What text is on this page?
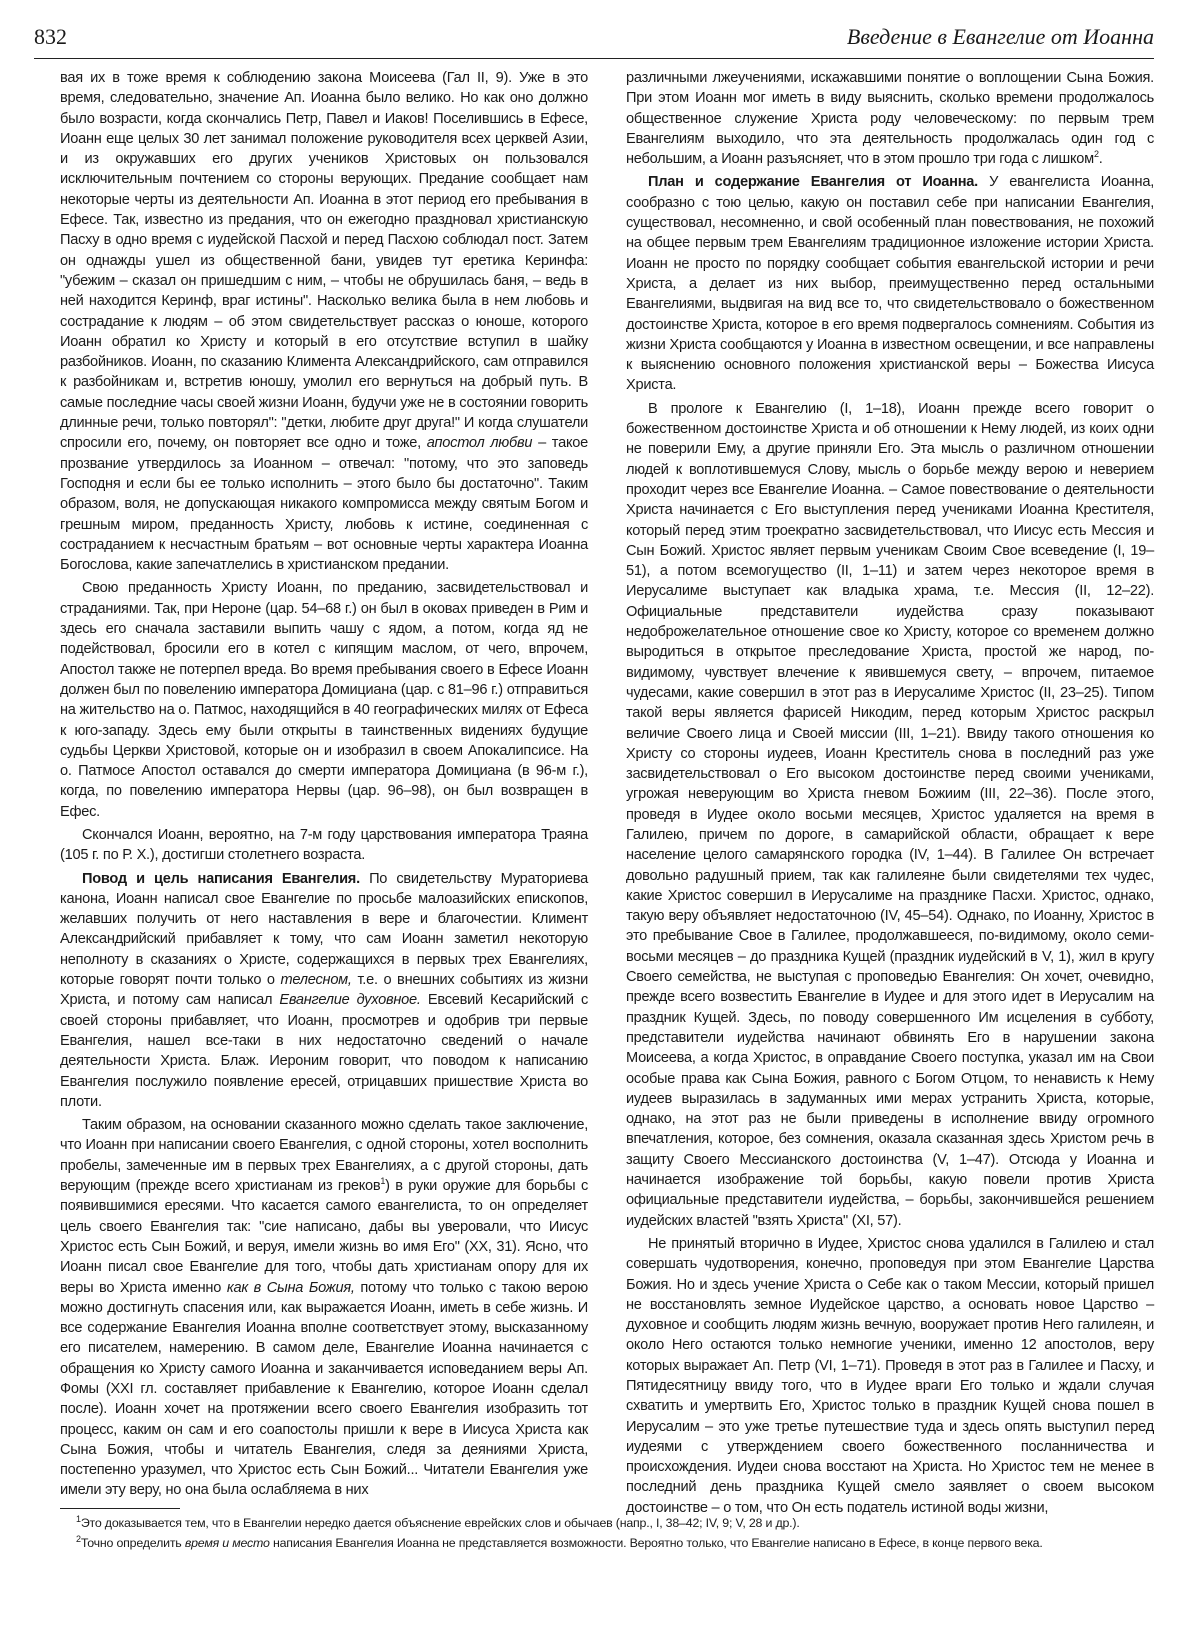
832	Введение в Евангелие от Иоанна

вая их в тоже время к соблюдению закона Моисеева (Гал II, 9). Уже в это время, следовательно, значение Ап. Иоанна было велико. Но как оно должно было возрасти, когда скончались Петр, Павел и Иаков! Поселившись в Ефесе, Иоанн еще целых 30 лет занимал положение руководителя всех церквей Азии, и из окружавших его других учеников Христовых он пользовался исключительным почтением со стороны верующих. Предание сообщает нам некоторые черты из деятельности Ап. Иоанна в этот период его пребывания в Ефесе. Так, известно из предания, что он ежегодно праздновал христианскую Пасху в одно время с иудейской Пасхой и перед Пасхою соблюдал пост. Затем он однажды ушел из общественной бани, увидев тут еретика Керинфа: "убежим – сказал он пришедшим с ним, – чтобы не обрушилась баня, – ведь в ней находится Керинф, враг истины". Насколько велика была в нем любовь и сострадание к людям – об этом свидетельствует рассказ о юноше, которого Иоанн обратил ко Христу и который в его отсутствие вступил в шайку разбойников. Иоанн, по сказанию Климента Александрийского, сам отправился к разбойникам и, встретив юношу, умолил его вернуться на добрый путь. В самые последние часы своей жизни Иоанн, будучи уже не в состоянии говорить длинные речи, только повторял": "детки, любите друг друга!" И когда слушатели спросили его, почему, он повторяет все одно и тоже, апостол любви – такое прозвание утвердилось за Иоанном – отвечал: "потому, что это заповедь Господня и если бы ее только исполнить – этого было бы достаточно". Таким образом, воля, не допускающая никакого компромисса между святым Богом и грешным миром, преданность Христу, любовь к истине, соединенная с состраданием к несчастным братьям – вот основные черты характера Иоанна Богослова, какие запечатлелись в христианском предании.

Свою преданность Христу Иоанн, по преданию, засвидетельствовал и страданиями. Так, при Нероне (цар. 54–68 г.) он был в оковах приведен в Рим и здесь его сначала заставили выпить чашу с ядом, а потом, когда яд не подействовал, бросили его в котел с кипящим маслом, от чего, впрочем, Апостол также не потерпел вреда. Во время пребывания своего в Ефесе Иоанн должен был по повелению императора Домициана (цар. с 81–96 г.) отправиться на жительство на о. Патмос, находящийся в 40 географических милях от Ефеса к юго-западу. Здесь ему были открыты в таинственных видениях будущие судьбы Церкви Христовой, которые он и изобразил в своем Апокалипсисе. На о. Патмосе Апостол оставался до смерти императора Домициана (в 96-м г.), когда, по повелению императора Нервы (цар. 96–98), он был возвращен в Ефес.

Скончался Иоанн, вероятно, на 7-м году царствования императора Траяна (105 г. по Р. Х.), достигши столетнего возраста.

Повод и цель написания Евангелия. По свидетельству Мураториева канона, Иоанн написал свое Евангелие по просьбе малоазийских епископов, желавших получить от него наставления в вере и благочестии. Климент Александрийский прибавляет к тому, что сам Иоанн заметил некоторую неполноту в сказаниях о Христе, содержащихся в первых трех Евангелиях, которые говорят почти только о телесном, т.е. о внешних событиях из жизни Христа, и потому сам написал Евангелие духовное. Евсевий Кесарийский с своей стороны прибавляет, что Иоанн, просмотрев и одобрив три первые Евангелия, нашел все-таки в них недостаточно сведений о начале деятельности Христа. Блаж. Иероним говорит, что поводом к написанию Евангелия послужило появление ересей, отрицавших пришествие Христа во плоти.

Таким образом, на основании сказанного можно сделать такое заключение, что Иоанн при написании своего Евангелия, с одной стороны, хотел восполнить пробелы, замеченные им в первых трех Евангелиях, а с другой стороны, дать верующим (прежде всего христианам из греков$^1$) в руки оружие для борьбы с появившимися ересями. Что касается самого евангелиста, то он определяет цель своего Евангелия так: "сие написано, дабы вы уверовали, что Иисус Христос есть Сын Божий, и веруя, имели жизнь во имя Его" (ХХ, 31). Ясно, что Иоанн писал свое Евангелие для того, чтобы дать христианам опору для их веры во Христа именно как в Сына Божия, потому что только с такою верою можно достигнуть спасения или, как выражается Иоанн, иметь в себе жизнь. И все содержание Евангелия Иоанна вполне соответствует этому, высказанному его писателем, намерению. В самом деле, Евангелие Иоанна начинается с обращения ко Христу самого Иоанна и заканчивается исповеданием веры Ап. Фомы (ХХI гл. составляет прибавление к Евангелию, которое Иоанн сделал после). Иоанн хочет на протяжении всего своего Евангелия изобразить тот процесс, каким он сам и его соапостолы пришли к вере в Иисуса Христа как Сына Божия, чтобы и читатель Евангелия, следя за деяниями Христа, постепенно уразумел, что Христос есть Сын Божий... Читатели Евангелия уже имели эту веру, но она была ослабляема в них

различными лжеучениями, искажавшими понятие о воплощении Сына Божия. При этом Иоанн мог иметь в виду выяснить, сколько времени продолжалось общественное служение Христа роду человеческому: по первым трем Евангелиям выходило, что эта деятельность продолжалась один год с небольшим, а Иоанн разъясняет, что в этом прошло три года с лишком$^2$.

План и содержание Евангелия от Иоанна. У евангелиста Иоанна, сообразно с тою целью, какую он поставил себе при написании Евангелия, существовал, несомненно, и свой особенный план повествования, не похожий на общее первым трем Евангелиям традиционное изложение истории Христа. Иоанн не просто по порядку сообщает события евангельской истории и речи Христа, а делает из них выбор, преимущественно перед остальными Евангелиями, выдвигая на вид все то, что свидетельствовало о божественном достоинстве Христа, которое в его время подвергалось сомнениям. События из жизни Христа сообщаются у Иоанна в известном освещении, и все направлены к выяснению основного положения христианской веры – Божества Иисуса Христа.

В прологе к Евангелию (I, 1–18), Иоанн прежде всего говорит о божественном достоинстве Христа и об отношении к Нему людей, из коих одни не поверили Ему, а другие приняли Его. Эта мысль о различном отношении людей к воплотившемуся Слову, мысль о борьбе между верою и неверием проходит через все Евангелие Иоанна. – Самое повествование о деятельности Христа начинается с Его выступления перед учениками Иоанна Крестителя, который перед этим троекратно засвидетельствовал, что Иисус есть Мессия и Сын Божий. Христос являет первым ученикам Своим Свое всеведение (I, 19–51), а потом всемогущество (II, 1–11) и затем через некоторое время в Иерусалиме выступает как владыка храма, т.е. Мессия (II, 12–22). Официальные представители иудейства сразу показывают недоброжелательное отношение свое ко Христу, которое со временем должно выродиться в открытое преследование Христа, простой же народ, по-видимому, чувствует влечение к явившемуся свету, – впрочем, питаемое чудесами, какие совершил в этот раз в Иерусалиме Христос (II, 23–25). Типом такой веры является фарисей Никодим, перед которым Христос раскрыл величие Своего лица и Своей миссии (III, 1–21). Ввиду такого отношения ко Христу со стороны иудеев, Иоанн Креститель снова в последний раз уже засвидетельствовал о Его высоком достоинстве перед своими учениками, угрожая неверующим во Христа гневом Божиим (III, 22–36). После этого, проведя в Иудее около восьми месяцев, Христос удаляется на время в Галилею, причем по дороге, в самарийской области, обращает к вере население целого самарянского городка (IV, 1–44). В Галилее Он встречает довольно радушный прием, так как галилеяне были свидетелями тех чудес, какие Христос совершил в Иерусалиме на празднике Пасхи. Христос, однако, такую веру объявляет недостаточною (IV, 45–54). Однако, по Иоанну, Христос в это пребывание Свое в Галилее, продолжавшееся, по-видимому, около семи-восьми месяцев – до праздника Кущей (праздник иудейский в V, 1), жил в кругу Своего семейства, не выступая с проповедью Евангелия: Он хочет, очевидно, прежде всего возвестить Евангелие в Иудее и для этого идет в Иерусалим на праздник Кущей. Здесь, по поводу совершенного Им исцеления в субботу, представители иудейства начинают обвинять Его в нарушении закона Моисеева, а когда Христос, в оправдание Своего поступка, указал им на Свои особые права как Сына Божия, равного с Богом Отцом, то ненависть к Нему иудеев выразилась в задуманных ими мерах устранить Христа, которые, однако, на этот раз не были приведены в исполнение ввиду огромного впечатления, которое, без сомнения, оказала сказанная здесь Христом речь в защиту Своего Мессианского достоинства (V, 1–47). Отсюда у Иоанна и начинается изображение той борьбы, какую повели против Христа официальные представители иудейства, – борьбы, закончившейся решением иудейских властей "взять Христа" (XI, 57).

Не принятый вторично в Иудее, Христос снова удалился в Галилею и стал совершать чудотворения, конечно, проповедуя при этом Евангелие Царства Божия. Но и здесь учение Христа о Себе как о таком Мессии, который пришел не восстановлять земное Иудейское царство, а основать новое Царство – духовное и сообщить людям жизнь вечную, вооружает против Него галилеян, и около Него остаются только немногие ученики, именно 12 апостолов, веру которых выражает Ап. Петр (VI, 1–71). Проведя в этот раз в Галилее и Пасху, и Пятидесятницу ввиду того, что в Иудее враги Его только и ждали случая схватить и умертвить Его, Христос только в праздник Кущей снова пошел в Иерусалим – это уже третье путешествие туда и здесь опять выступил перед иудеями с утверждением своего божественного посланничества и происхождения. Иудеи снова восстают на Христа. Но Христос тем не менее в последний день праздника Кущей смело заявляет о своем высоком достоинстве – о том, что Он есть податель истиной воды жизни,

$^1$Это доказывается тем, что в Евангелии нередко дается объяснение еврейских слов и обычаев (напр., I, 38–42; IV, 9; V, 28 и др.).

$^2$Точно определить время и место написания Евангелия Иоанна не представляется возможности. Вероятно только, что Евангелие написано в Ефесе, в конце первого века.
